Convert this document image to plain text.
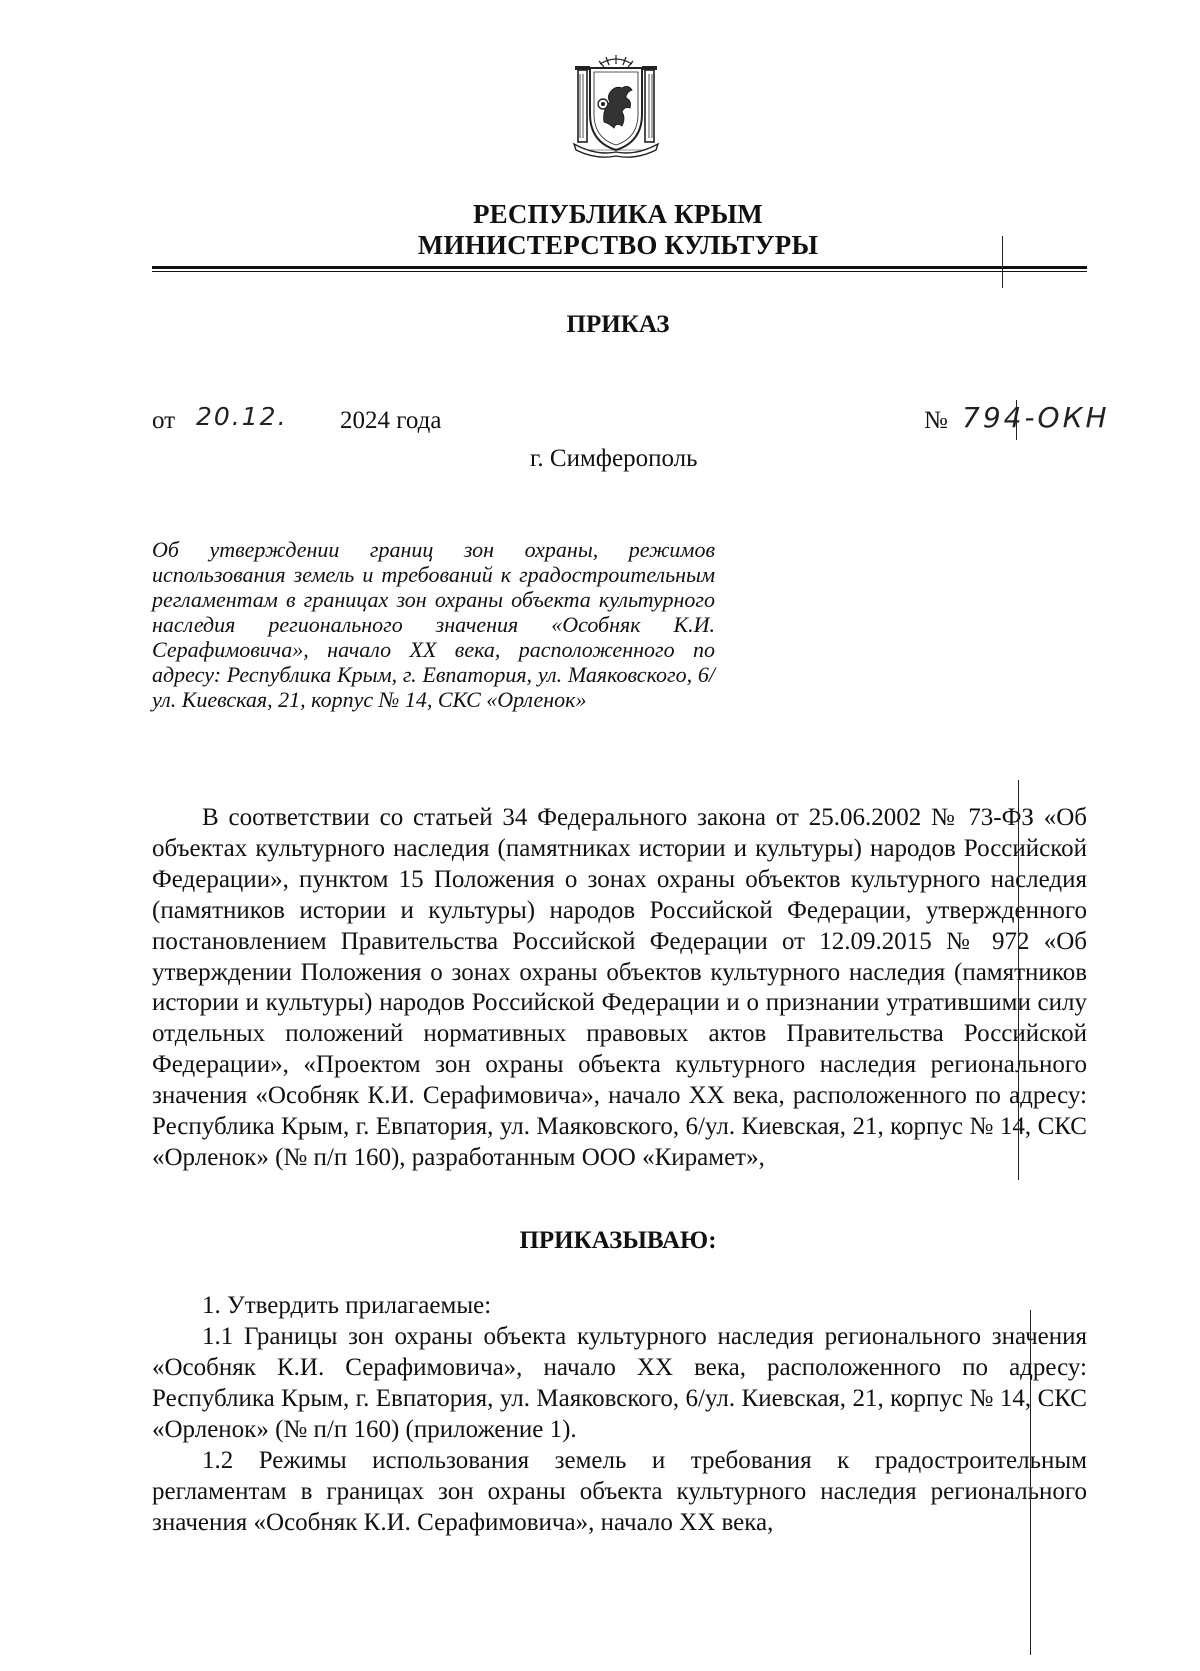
РЕСПУБЛИКА КРЫМ
МИНИСТЕРСТВО КУЛЬТУРЫ
ПРИКАЗ
от 20.12. 2024 года	№ 794-ОКН
г. Симферополь
Об утверждении границ зон охраны, режимов использования земель и требований к градостроительным регламентам в границах зон охраны объекта культурного наследия регионального значения «Особняк К.И. Серафимовича», начало XX века, расположенного по адресу: Республика Крым, г. Евпатория, ул. Маяковского, 6/ул. Киевская, 21, корпус № 14, СКС «Орленок»
В соответствии со статьей 34 Федерального закона от 25.06.2002 № 73-ФЗ «Об объектах культурного наследия (памятниках истории и культуры) народов Российской Федерации», пунктом 15 Положения о зонах охраны объектов культурного наследия (памятников истории и культуры) народов Российской Федерации, утвержденного постановлением Правительства Российской Федерации от 12.09.2015 № 972 «Об утверждении Положения о зонах охраны объектов культурного наследия (памятников истории и культуры) народов Российской Федерации и о признании утратившими силу отдельных положений нормативных правовых актов Правительства Российской Федерации», «Проектом зон охраны объекта культурного наследия регионального значения «Особняк К.И. Серафимовича», начало XX века, расположенного по адресу: Республика Крым, г. Евпатория, ул. Маяковского, 6/ул. Киевская, 21, корпус № 14, СКС «Орленок» (№ п/п 160), разработанным ООО «Кирамет»,
ПРИКАЗЫВАЮ:
1. Утвердить прилагаемые:
1.1 Границы зон охраны объекта культурного наследия регионального значения «Особняк К.И. Серафимовича», начало XX века, расположенного по адресу: Республика Крым, г. Евпатория, ул. Маяковского, 6/ул. Киевская, 21, корпус № 14, СКС «Орленок» (№ п/п 160) (приложение 1).
1.2 Режимы использования земель и требования к градостроительным регламентам в границах зон охраны объекта культурного наследия регионального значения «Особняк К.И. Серафимовича», начало XX века,
